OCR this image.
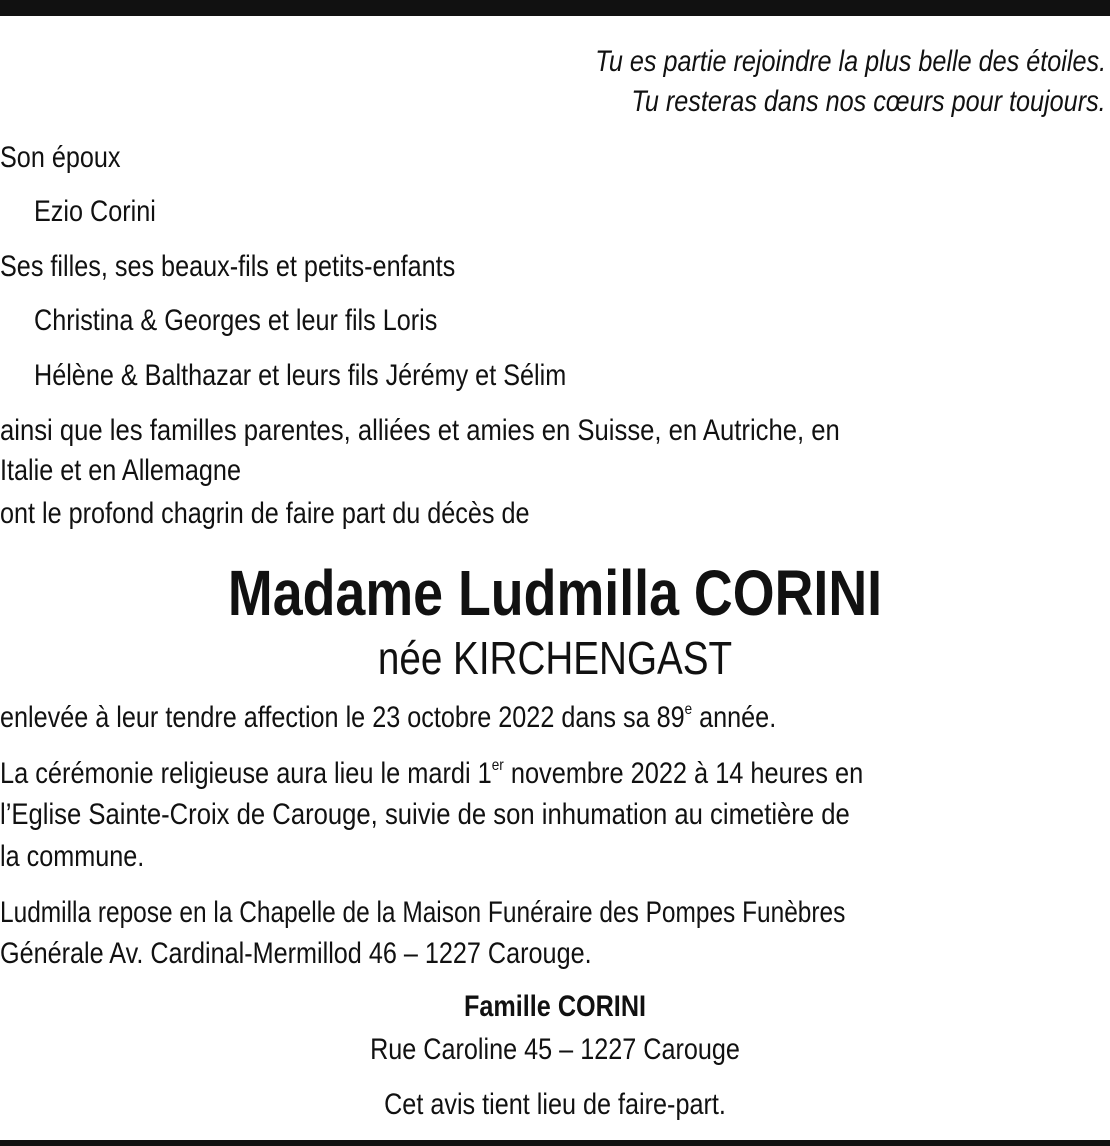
Tu es partie rejoindre la plus belle des étoiles.
Tu resteras dans nos cœurs pour toujours.
Son époux
Ezio Corini
Ses filles, ses beaux-fils et petits-enfants
Christina & Georges et leur fils Loris
Hélène & Balthazar et leurs fils Jérémy et Sélim
ainsi que les familles parentes, alliées et amies en Suisse, en Autriche, en
Italie et en Allemagne
ont le profond chagrin de faire part du décès de
Madame Ludmilla CORINI
née KIRCHENGAST
enlevée à leur tendre affection le 23 octobre 2022 dans sa 89e année.
La cérémonie religieuse aura lieu le mardi 1er novembre 2022 à 14 heures en
l’Eglise Sainte-Croix de Carouge, suivie de son inhumation au cimetière de
la commune.
Ludmilla repose en la Chapelle de la Maison Funéraire des Pompes Funèbres
Générale Av. Cardinal-Mermillod 46 – 1227 Carouge.
Famille CORINI
Rue Caroline 45 – 1227 Carouge
Cet avis tient lieu de faire-part.
